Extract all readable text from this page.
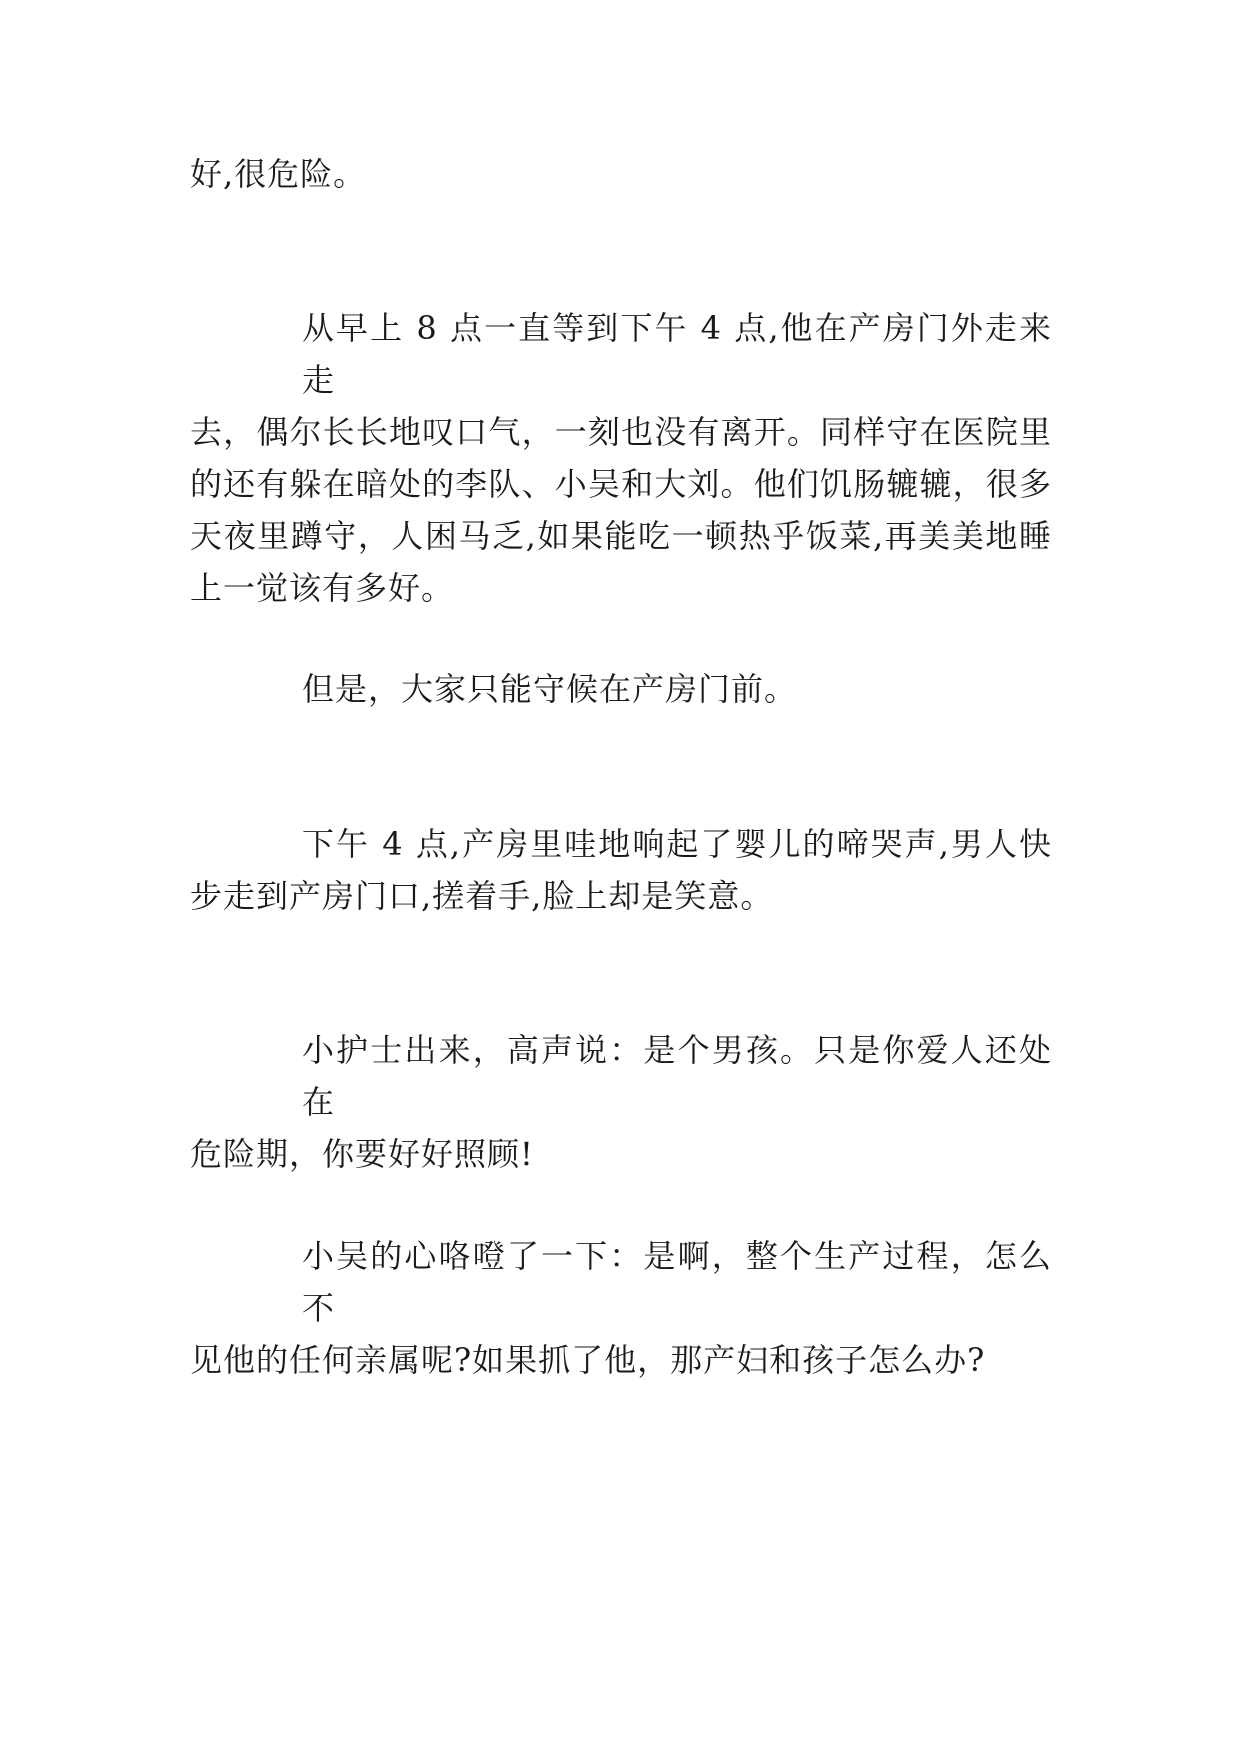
好,很危险。

从早上 8 点一直等到下午 4 点,他在产房门外走来走
去，偶尔长长地叹口气，一刻也没有离开。同样守在医院里
的还有躲在暗处的李队、小吴和大刘。他们饥肠辘辘，很多
天夜里蹲守，人困马乏,如果能吃一顿热乎饭菜,再美美地睡
上一觉该有多好。

但是，大家只能守候在产房门前。

下午 4 点,产房里哇地响起了婴儿的啼哭声,男人快
步走到产房门口,搓着手,脸上却是笑意。

小护士出来，高声说：是个男孩。只是你爱人还处在
危险期，你要好好照顾!

小吴的心咯噔了一下：是啊，整个生产过程，怎么不
见他的任何亲属呢?如果抓了他，那产妇和孩子怎么办?
